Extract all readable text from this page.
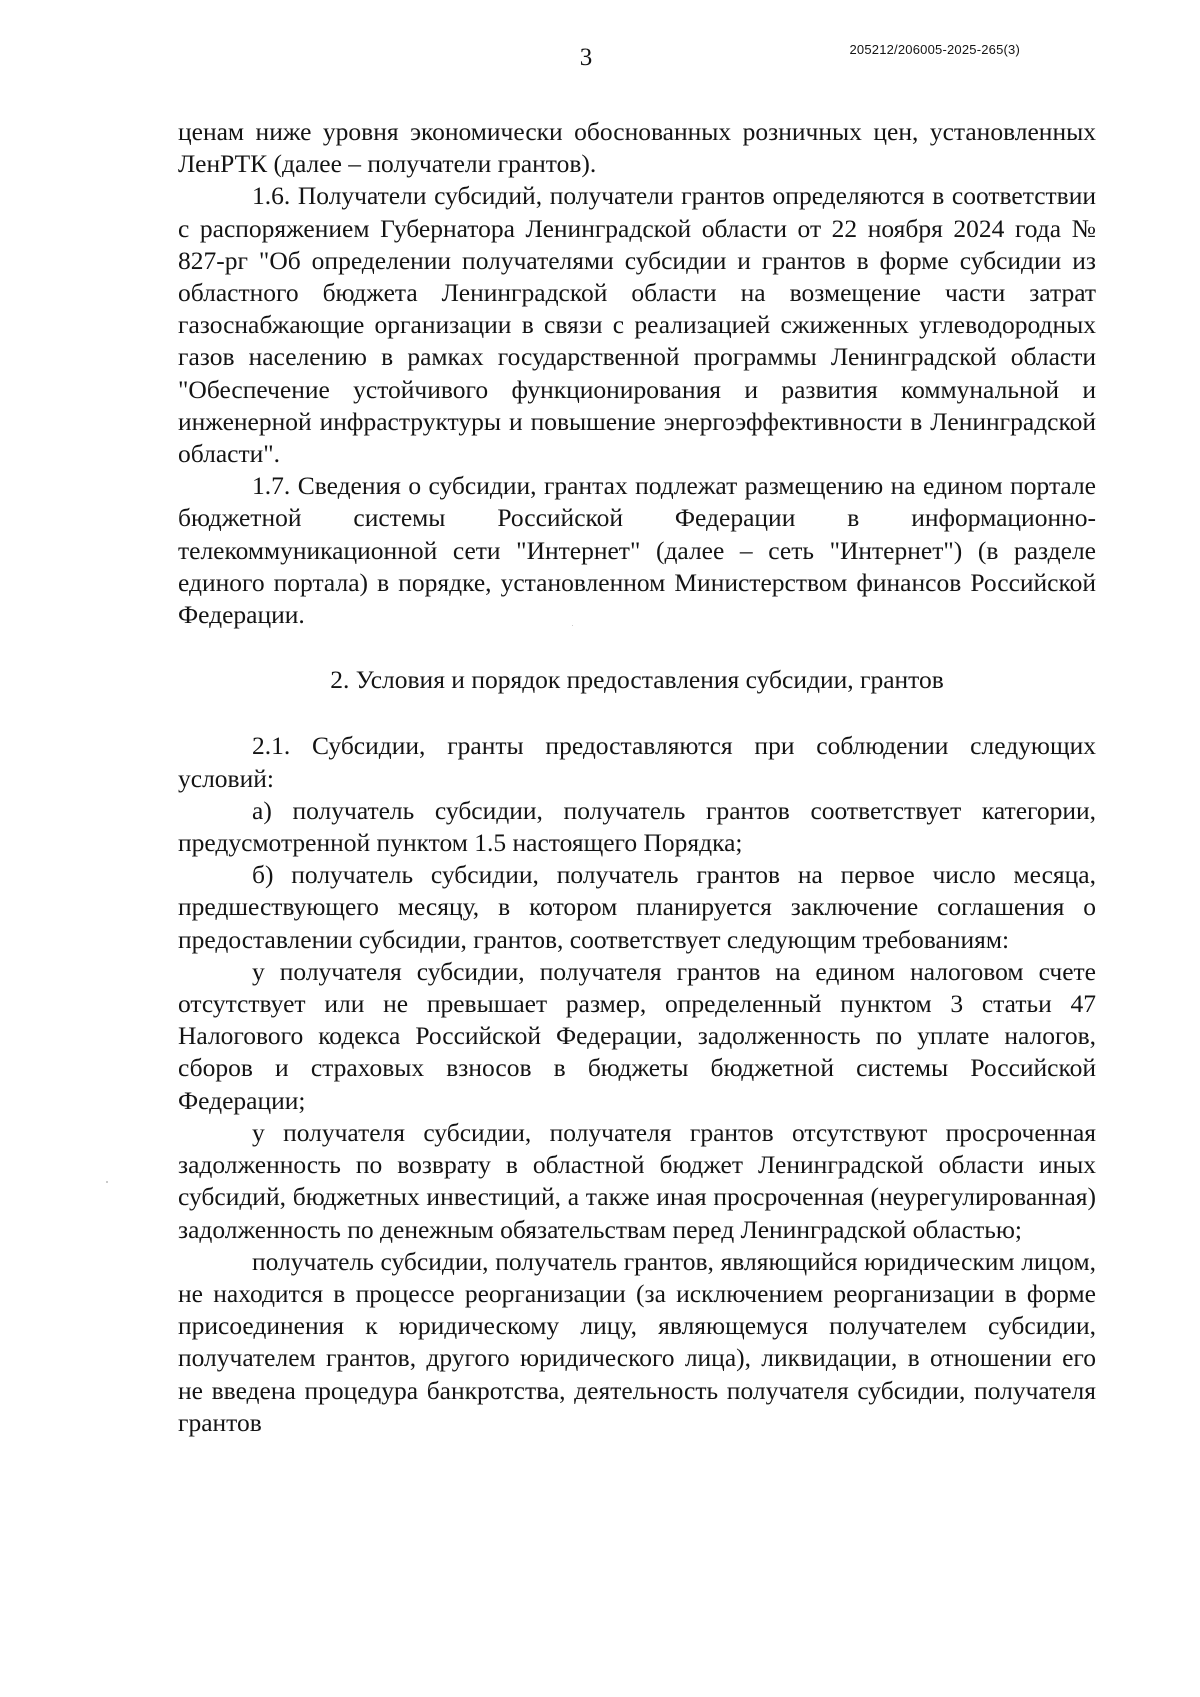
3	205212/206005-2025-265(3)

ценам ниже уровня экономически обоснованных розничных цен, установленных ЛенРТК (далее – получатели грантов).

1.6. Получатели субсидий, получатели грантов определяются в соответствии с распоряжением Губернатора Ленинградской области от 22 ноября 2024 года № 827-рг "Об определении получателями субсидии и грантов в форме субсидии из областного бюджета Ленинградской области на возмещение части затрат газоснабжающие организации в связи с реализацией сжиженных углеводородных газов населению в рамках государственной программы Ленинградской области "Обеспечение устойчивого функционирования и развития коммунальной и инженерной инфраструктуры и повышение энергоэффективности в Ленинградской области".

1.7. Сведения о субсидии, грантах подлежат размещению на едином портале бюджетной системы Российской Федерации в информационно-телекоммуникационной сети "Интернет" (далее – сеть "Интернет") (в разделе единого портала) в порядке, установленном Министерством финансов Российской Федерации.

2. Условия и порядок предоставления субсидии, грантов

2.1. Субсидии, гранты предоставляются при соблюдении следующих условий:

а) получатель субсидии, получатель грантов соответствует категории, предусмотренной пунктом 1.5 настоящего Порядка;

б) получатель субсидии, получатель грантов на первое число месяца, предшествующего месяцу, в котором планируется заключение соглашения о предоставлении субсидии, грантов, соответствует следующим требованиям:

у получателя субсидии, получателя грантов на едином налоговом счете отсутствует или не превышает размер, определенный пунктом 3 статьи 47 Налогового кодекса Российской Федерации, задолженность по уплате налогов, сборов и страховых взносов в бюджеты бюджетной системы Российской Федерации;

у получателя субсидии, получателя грантов отсутствуют просроченная задолженность по возврату в областной бюджет Ленинградской области иных субсидий, бюджетных инвестиций, а также иная просроченная (неурегулированная) задолженность по денежным обязательствам перед Ленинградской областью;

получатель субсидии, получатель грантов, являющийся юридическим лицом, не находится в процессе реорганизации (за исключением реорганизации в форме присоединения к юридическому лицу, являющемуся получателем субсидии, получателем грантов, другого юридического лица), ликвидации, в отношении его не введена процедура банкротства, деятельность получателя субсидии, получателя грантов
